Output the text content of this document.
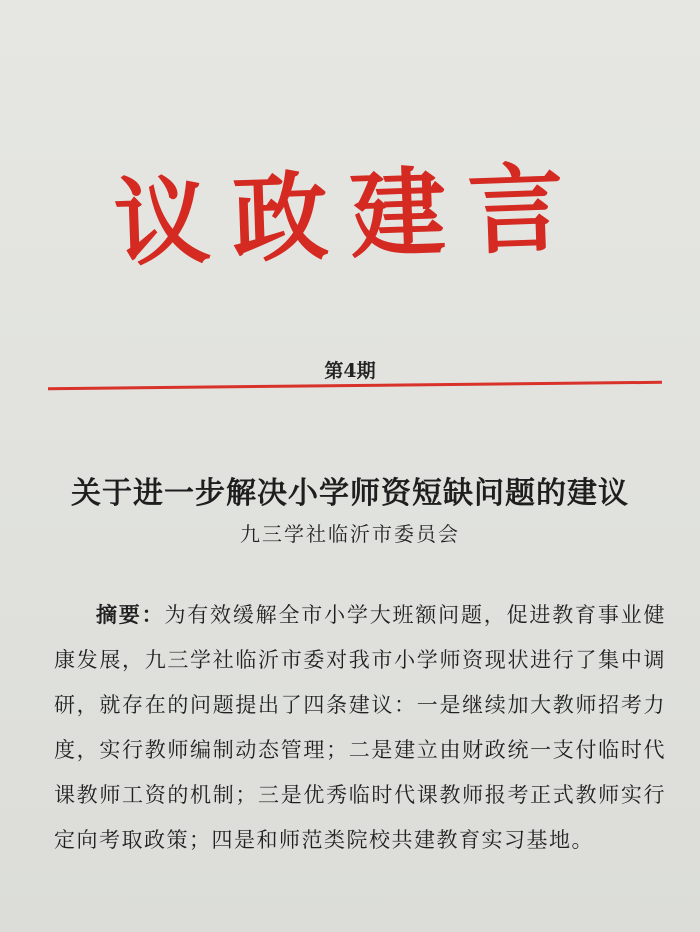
议政建言
第4期
关于进一步解决小学师资短缺问题的建议
九三学社临沂市委员会
摘要：为有效缓解全市小学大班额问题，促进教育事业健康发展，九三学社临沂市委对我市小学师资现状进行了集中调研，就存在的问题提出了四条建议：一是继续加大教师招考力度，实行教师编制动态管理；二是建立由财政统一支付临时代课教师工资的机制；三是优秀临时代课教师报考正式教师实行定向考取政策；四是和师范类院校共建教育实习基地。
